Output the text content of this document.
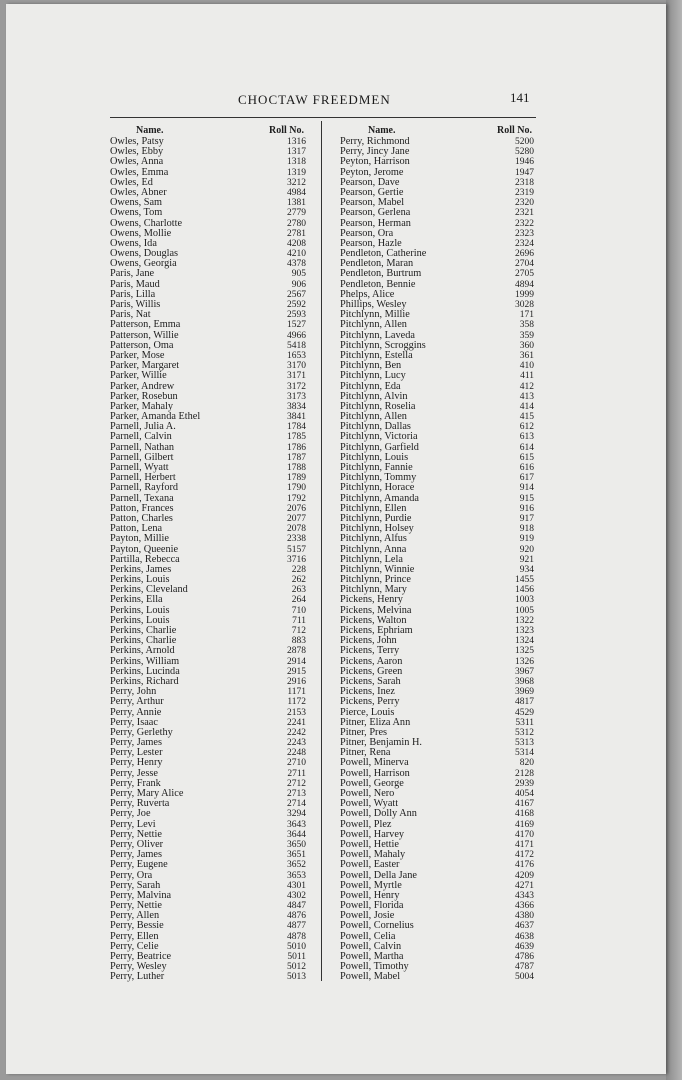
CHOCTAW FREEDMEN	141
Name.	Roll No.
Owles, Patsy	1316
Owles, Ebby	1317
Owles, Anna	1318
Owles, Emma	1319
Owles, Ed	3212
Owles, Abner	4984
Owens, Sam	1381
Owens, Tom	2779
Owens, Charlotte	2780
Owens, Mollie	2781
Owens, Ida	4208
Owens, Douglas	4210
Owens, Georgia	4378
Paris, Jane	905
Paris, Maud	906
Paris, Lilla	2567
Paris, Willis	2592
Paris, Nat	2593
Patterson, Emma	1527
Patterson, Willie	4966
Patterson, Oma	5418
Parker, Mose	1653
Parker, Margaret	3170
Parker, Willie	3171
Parker, Andrew	3172
Parker, Rosebun	3173
Parker, Mahaly	3834
Parker, Amanda Ethel	3841
Parnell, Julia A.	1784
Parnell, Calvin	1785
Parnell, Nathan	1786
Parnell, Gilbert	1787
Parnell, Wyatt	1788
Parnell, Herbert	1789
Parnell, Rayford	1790
Parnell, Texana	1792
Patton, Frances	2076
Patton, Charles	2077
Patton, Lena	2078
Payton, Millie	2338
Payton, Queenie	5157
Partilla, Rebecca	3716
Perkins, James	228
Perkins, Louis	262
Perkins, Cleveland	263
Perkins, Ella	264
Perkins, Louis	710
Perkins, Louis	711
Perkins, Charlie	712
Perkins, Charlie	883
Perkins, Arnold	2878
Perkins, William	2914
Perkins, Lucinda	2915
Perkins, Richard	2916
Perry, John	1171
Perry, Arthur	1172
Perry, Annie	2153
Perry, Isaac	2241
Perry, Gerlethy	2242
Perry, James	2243
Perry, Lester	2248
Perry, Henry	2710
Perry, Jesse	2711
Perry, Frank	2712
Perry, Mary Alice	2713
Perry, Ruverta	2714
Perry, Joe	3294
Perry, Levi	3643
Perry, Nettie	3644
Perry, Oliver	3650
Perry, James	3651
Perry, Eugene	3652
Perry, Ora	3653
Perry, Sarah	4301
Perry, Malvina	4302
Perry, Nettie	4847
Perry, Allen	4876
Perry, Bessie	4877
Perry, Ellen	4878
Perry, Celie	5010
Perry, Beatrice	5011
Perry, Wesley	5012
Perry, Luther	5013
Name.	Roll No.
Perry, Richmond	5200
Perry, Jincy Jane	5280
Peyton, Harrison	1946
Peyton, Jerome	1947
Pearson, Dave	2318
Pearson, Gertie	2319
Pearson, Mabel	2320
Pearson, Gerlena	2321
Pearson, Herman	2322
Pearson, Ora	2323
Pearson, Hazle	2324
Pendleton, Catherine	2696
Pendleton, Maran	2704
Pendleton, Burtrum	2705
Pendleton, Bennie	4894
Phelps, Alice	1999
Phillips, Wesley	3028
Pitchlynn, Millie	171
Pitchlynn, Allen	358
Pitchlynn, Laveda	359
Pitchlynn, Scroggins	360
Pitchlynn, Estella	361
Pitchlynn, Ben	410
Pitchlynn, Lucy	411
Pitchlynn, Eda	412
Pitchlynn, Alvin	413
Pitchlynn, Roselia	414
Pitchlynn, Allen	415
Pitchlynn, Dallas	612
Pitchlynn, Victoria	613
Pitchlynn, Garfield	614
Pitchlynn, Louis	615
Pitchlynn, Fannie	616
Pitchlynn, Tommy	617
Pitchlynn, Horace	914
Pitchlynn, Amanda	915
Pitchlynn, Ellen	916
Pitchlynn, Purdie	917
Pitchlynn, Holsey	918
Pitchlynn, Alfus	919
Pitchlynn, Anna	920
Pitchlynn, Lela	921
Pitchlynn, Winnie	934
Pitchlynn, Prince	1455
Pitchlynn, Mary	1456
Pickens, Henry	1003
Pickens, Melvina	1005
Pickens, Walton	1322
Pickens, Ephriam	1323
Pickens, John	1324
Pickens, Terry	1325
Pickens, Aaron	1326
Pickens, Green	3967
Pickens, Sarah	3968
Pickens, Inez	3969
Pickens, Perry	4817
Pierce, Louis	4529
Pitner, Eliza Ann	5311
Pitner, Pres	5312
Pitner, Benjamin H.	5313
Pitner, Rena	5314
Powell, Minerva	820
Powell, Harrison	2128
Powell, George	2939
Powell, Nero	4054
Powell, Wyatt	4167
Powell, Dolly Ann	4168
Powell, Plez	4169
Powell, Harvey	4170
Powell, Hettie	4171
Powell, Mahaly	4172
Powell, Easter	4176
Powell, Della Jane	4209
Powell, Myrtle	4271
Powell, Henry	4343
Powell, Florida	4366
Powell, Josie	4380
Powell, Cornelius	4637
Powell, Celia	4638
Powell, Calvin	4639
Powell, Martha	4786
Powell, Timothy	4787
Powell, Mabel	5004
